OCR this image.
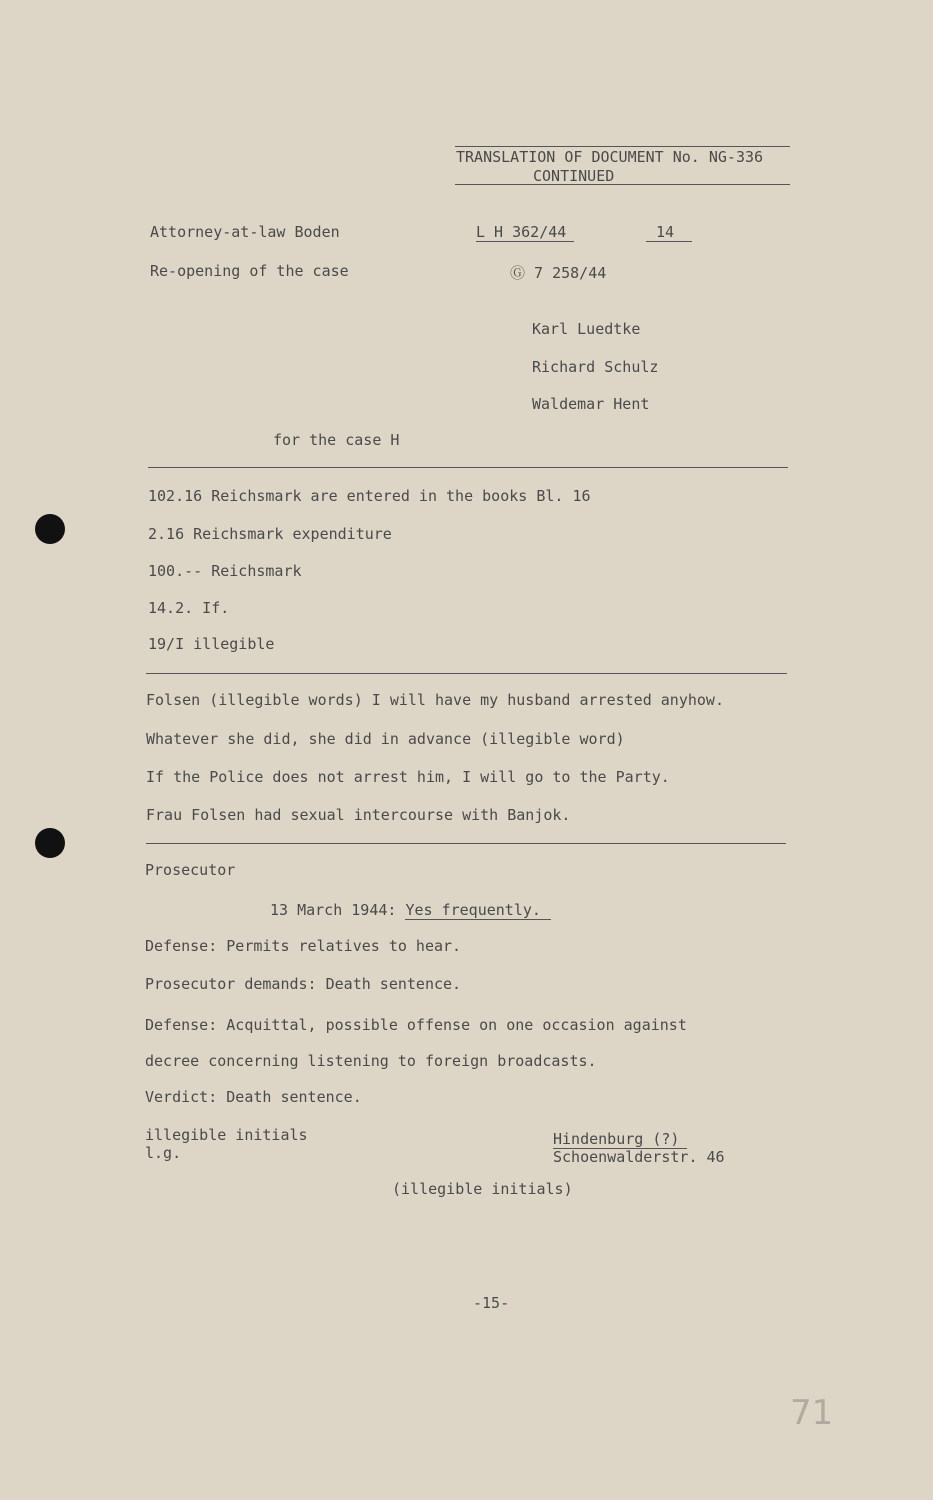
TRANSLATION OF DOCUMENT No. NG-336
CONTINUED
Attorney-at-law Boden	L H 362/44	14
Re-opening of the case	Ⓖ 7 258/44
Karl Luedtke
Richard Schulz
Waldemar Hent
for the case H
102.16 Reichsmark are entered in the books Bl. 16
2.16 Reichsmark expenditure
100.-- Reichsmark
14.2. If.
19/I illegible
Folsen (illegible words) I will have my husband arrested anyhow.
Whatever she did, she did in advance (illegible word)
If the Police does not arrest him, I will go to the Party.
Frau Folsen had sexual intercourse with Banjok.
Prosecutor
13 March 1944: Yes frequently.
Defense: Permits relatives to hear.
Prosecutor demands: Death sentence.
Defense: Acquittal, possible offense on one occasion against
decree concerning listening to foreign broadcasts.
Verdict: Death sentence.
illegible initials
l.g.
Hindenburg (?)
Schoenwalderstr. 46
(illegible initials)
-15-
71
